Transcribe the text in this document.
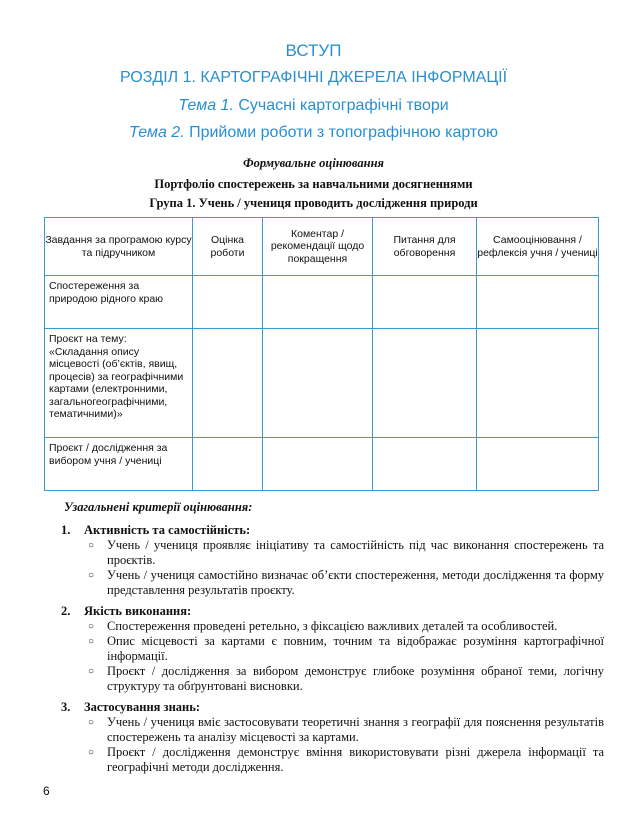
ВСТУП
РОЗДІЛ 1. КАРТОГРАФІЧНІ ДЖЕРЕЛА ІНФОРМАЦІЇ
Тема 1. Сучасні картографічні твори
Тема 2. Прийоми роботи з топографічною картою
Формувальне оцінювання
Портфоліо спостережень за навчальними досягненнями
Група 1. Учень / учениця проводить дослідження природи
Завдання за програмою курсу та підручником	Оцінка роботи	Коментар / рекомендації щодо покращення	Питання для обговорення	Самооцінювання / рефлексія учня / учениці
Спостереження за природою рідного краю				
Проєкт на тему: «Складання опису місцевості (об’єктів, явищ, процесів) за географічними картами (електронними, загальногеографічними, тематичними)»				
Проєкт / дослідження за вибором учня / учениці				
Узагальнені критерії оцінювання:
1. Активність та самостійність:
○ Учень / учениця проявляє ініціативу та самостійність під час виконання спостережень та проєктів.
○ Учень / учениця самостійно визначає об’єкти спостереження, методи дослідження та форму представлення результатів проєкту.
2. Якість виконання:
○ Спостереження проведені ретельно, з фіксацією важливих деталей та особливостей.
○ Опис місцевості за картами є повним, точним та відображає розуміння картографічної інформації.
○ Проєкт / дослідження за вибором демонструє глибоке розуміння обраної теми, логічну структуру та обґрунтовані висновки.
3. Застосування знань:
○ Учень / учениця вміє застосовувати теоретичні знання з географії для пояснення результатів спостережень та аналізу місцевості за картами.
○ Проєкт / дослідження демонструє вміння використовувати різні джерела інформації та географічні методи дослідження.
6
